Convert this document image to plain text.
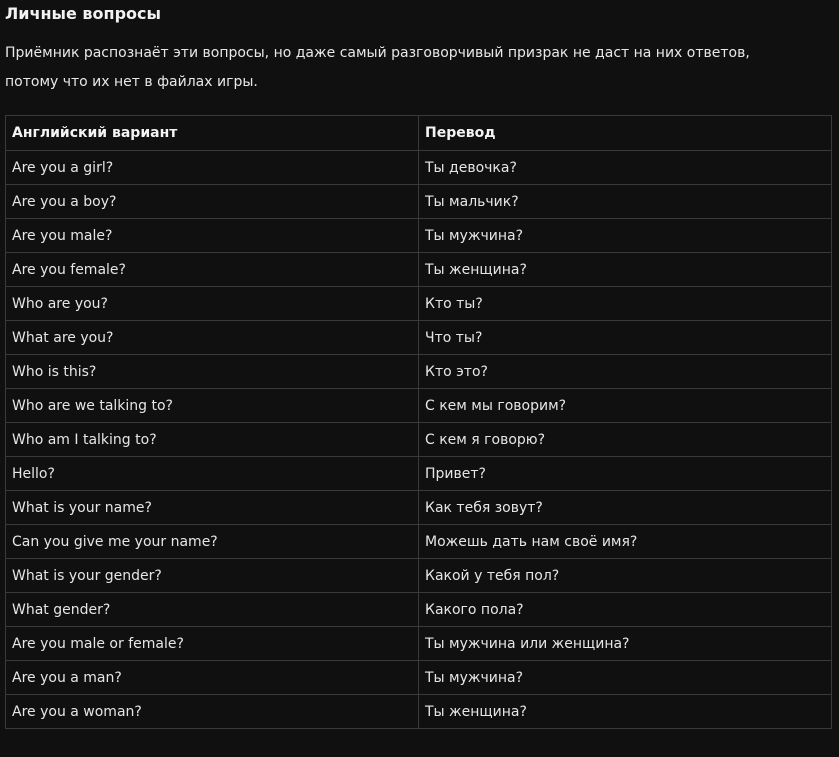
Личные вопросы

Приёмник распознаёт эти вопросы, но даже самый разговорчивый призрак не даст на них ответов,
потому что их нет в файлах игры.

Английский вариант	Перевод
Are you a girl?	Ты девочка?
Are you a boy?	Ты мальчик?
Are you male?	Ты мужчина?
Are you female?	Ты женщина?
Who are you?	Кто ты?
What are you?	Что ты?
Who is this?	Кто это?
Who are we talking to?	С кем мы говорим?
Who am I talking to?	С кем я говорю?
Hello?	Привет?
What is your name?	Как тебя зовут?
Can you give me your name?	Можешь дать нам своё имя?
What is your gender?	Какой у тебя пол?
What gender?	Какого пола?
Are you male or female?	Ты мужчина или женщина?
Are you a man?	Ты мужчина?
Are you a woman?	Ты женщина?
